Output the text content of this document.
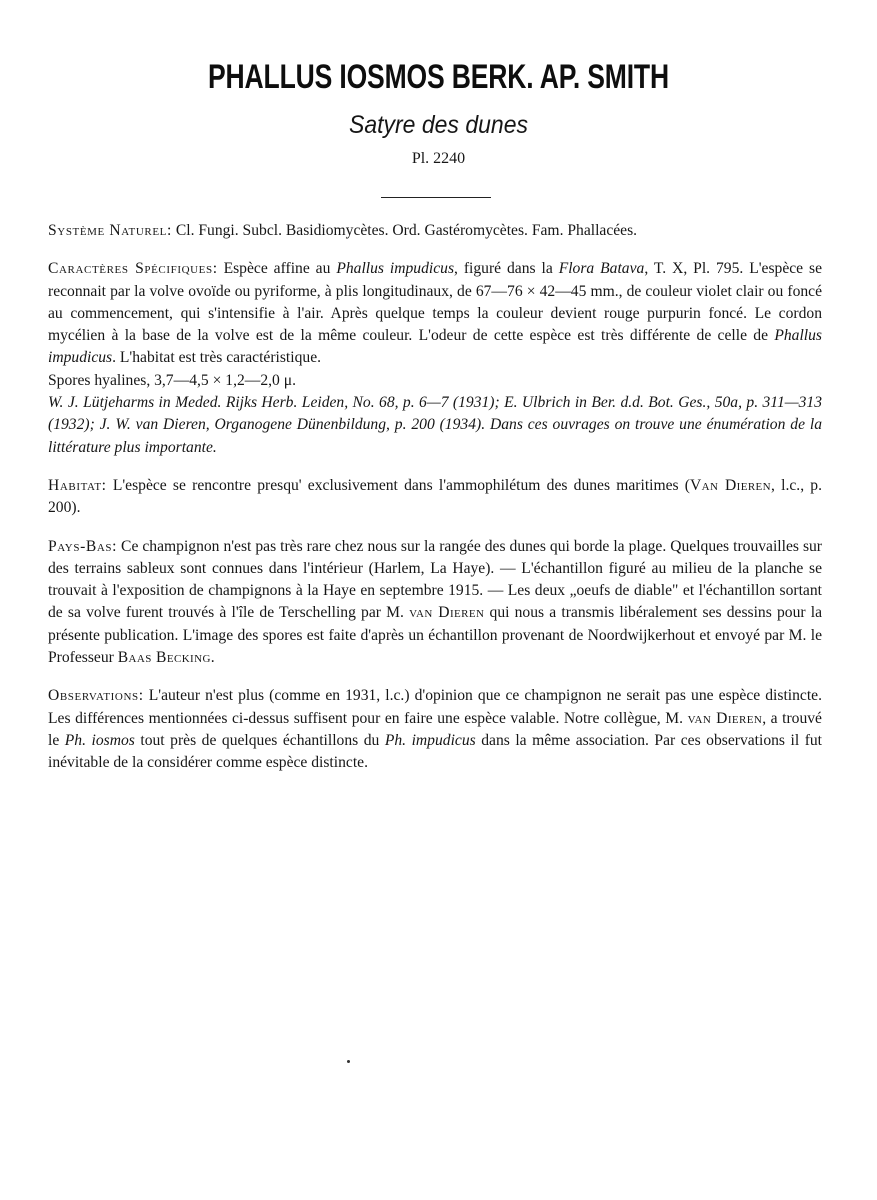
PHALLUS IOSMOS BERK. AP. SMITH
Satyre des dunes
Pl. 2240

Système Naturel: Cl. Fungi. Subcl. Basidiomycètes. Ord. Gastéromycètes. Fam. Phallacées.

Caractères Spécifiques: Espèce affine au Phallus impudicus, figuré dans la Flora Batava, T. X, Pl. 795. L'espèce se reconnait par la volve ovoïde ou pyriforme, à plis longitudinaux, de 67—76 × 42—45 mm., de couleur violet clair ou foncé au commencement, qui s'intensifie à l'air. Après quelque temps la couleur devient rouge purpurin foncé. Le cordon mycélien à la base de la volve est de la même couleur. L'odeur de cette espèce est très différente de celle de Phallus impudicus. L'habitat est très caractéristique.

Spores hyalines, 3,7—4,5 × 1,2—2,0 μ.

W. J. Lütjeharms in Meded. Rijks Herb. Leiden, No. 68, p. 6—7 (1931); E. Ulbrich in Ber. d.d. Bot. Ges., 50a, p. 311—313 (1932); J. W. van Dieren, Organogene Dünenbildung, p. 200 (1934). Dans ces ouvrages on trouve une énumération de la littérature plus importante.

Habitat: L'espèce se rencontre presqu' exclusivement dans l'ammophilétum des dunes maritimes (Van Dieren, l.c., p. 200).

Pays-Bas: Ce champignon n'est pas très rare chez nous sur la rangée des dunes qui borde la plage. Quelques trouvailles sur des terrains sableux sont connues dans l'intérieur (Harlem, La Haye). — L'échantillon figuré au milieu de la planche se trouvait à l'exposition de champignons à la Haye en septembre 1915. — Les deux „oeufs de diable" et l'échantillon sortant de sa volve furent trouvés à l'île de Terschelling par M. van Dieren qui nous a transmis libéralement ses dessins pour la présente publication. L'image des spores est faite d'après un échantillon provenant de Noordwijkerhout et envoyé par M. le Professeur Baas Becking.

Observations: L'auteur n'est plus (comme en 1931, l.c.) d'opinion que ce champignon ne serait pas une espèce distincte. Les différences mentionnées ci-dessus suffisent pour en faire une espèce valable. Notre collègue, M. van Dieren, a trouvé le Ph. iosmos tout près de quelques échantillons du Ph. impudicus dans la même association. Par ces observations il fut inévitable de la considérer comme espèce distincte.
